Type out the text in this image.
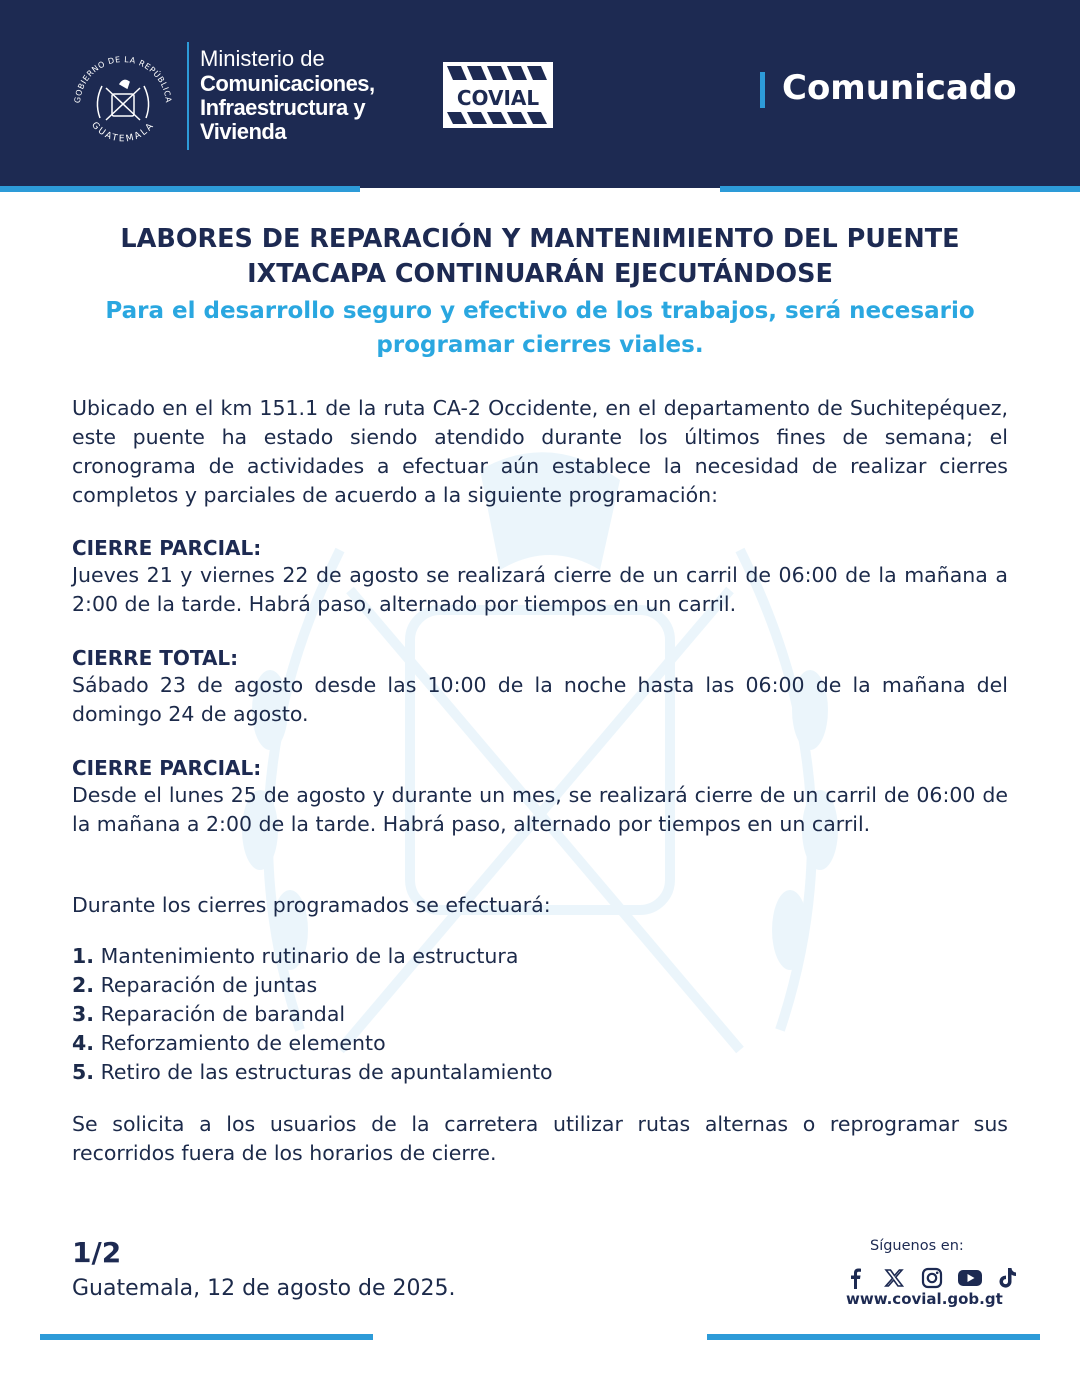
GOBIERNO DE LA REPÚBLICA
GUATEMALA
Ministerio de
Comunicaciones,
Infraestructura y
Vivienda
COVIAL	Comunicado
LABORES DE REPARACIÓN Y MANTENIMIENTO DEL PUENTE
IXTACAPA CONTINUARÁN EJECUTÁNDOSE
Para el desarrollo seguro y efectivo de los trabajos, será necesario
programar cierres viales.
Ubicado en el km 151.1 de la ruta CA-2 Occidente, en el departamento de Suchitepéquez, este puente ha estado siendo atendido durante los últimos fines de semana; el cronograma de actividades a efectuar aún establece la necesidad de realizar cierres completos y parciales de acuerdo a la siguiente programación:
CIERRE PARCIAL:
Jueves 21 y viernes 22 de agosto se realizará cierre de un carril de 06:00 de la mañana a 2:00 de la tarde. Habrá paso, alternado por tiempos en un carril.
CIERRE TOTAL:
Sábado 23 de agosto desde las 10:00 de la noche hasta las 06:00 de la mañana del domingo 24 de agosto.
CIERRE PARCIAL:
Desde el lunes 25 de agosto y durante un mes, se realizará cierre de un carril de 06:00 de la mañana a 2:00 de la tarde. Habrá paso, alternado por tiempos en un carril.
Durante los cierres programados se efectuará:
1. Mantenimiento rutinario de la estructura
2. Reparación de juntas
3. Reparación de barandal
4. Reforzamiento de elemento
5. Retiro de las estructuras de apuntalamiento
Se solicita a los usuarios de la carretera utilizar rutas alternas o reprogramar sus recorridos fuera de los horarios de cierre.
1/2
Guatemala, 12 de agosto de 2025.
Síguenos en:
www.covial.gob.gt
